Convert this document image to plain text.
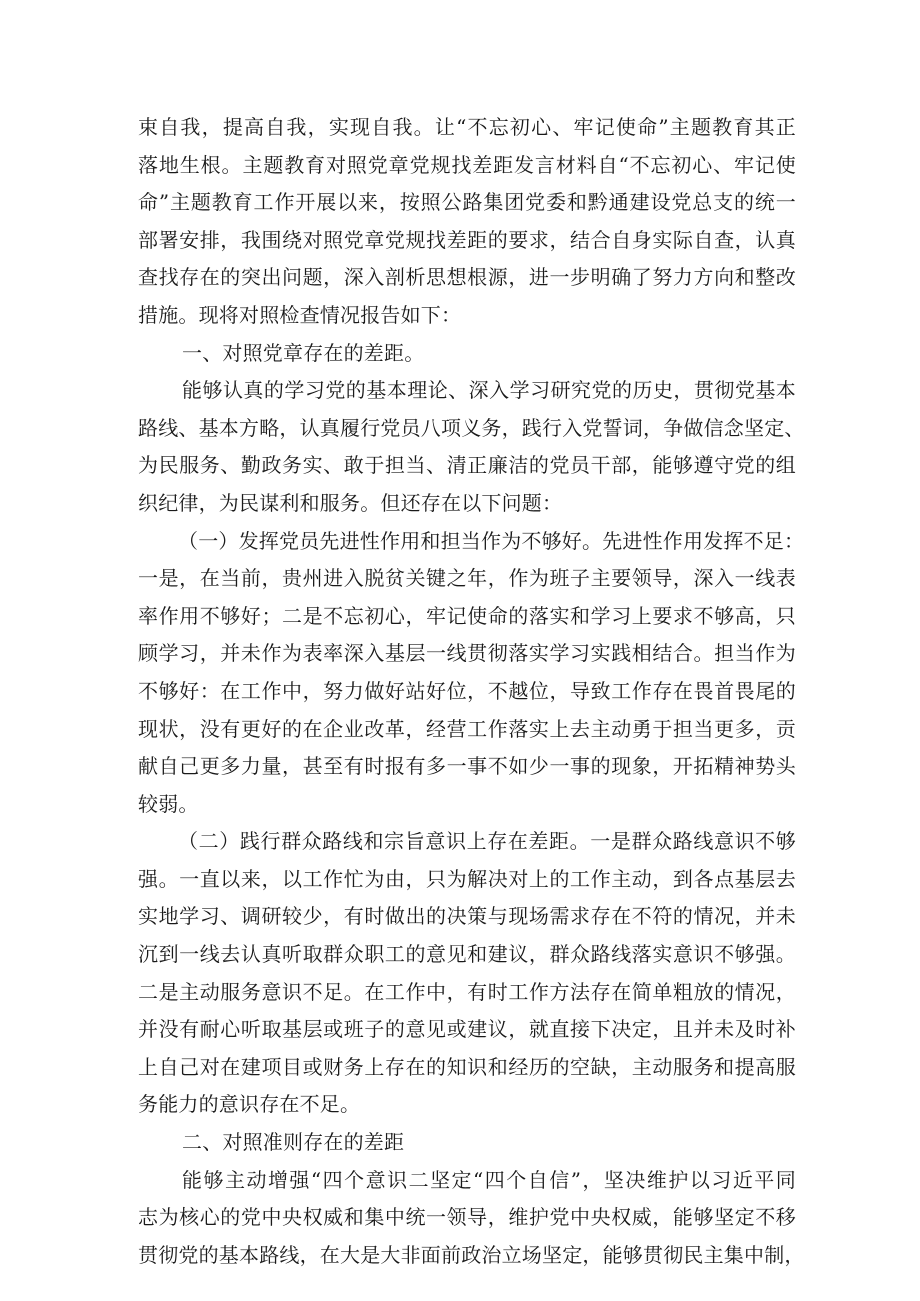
束自我，提高自我，实现自我。让“不忘初心、牢记使命”主题教育其正
落地生根。主题教育对照党章党规找差距发言材料自“不忘初心、牢记使
命”主题教育工作开展以来，按照公路集团党委和黔通建设党总支的统一
部署安排，我围绕对照党章党规找差距的要求，结合自身实际自查，认真
查找存在的突出问题，深入剖析思想根源，进一步明确了努力方向和整改
措施。现将对照检查情况报告如下：
一、对照党章存在的差距。
能够认真的学习党的基本理论、深入学习研究党的历史，贯彻党基本
路线、基本方略，认真履行党员八项义务，践行入党誓词，争做信念坚定、
为民服务、勤政务实、敢于担当、清正廉洁的党员干部，能够遵守党的组
织纪律，为民谋利和服务。但还存在以下问题：
（一）发挥党员先进性作用和担当作为不够好。先进性作用发挥不足：
一是，在当前，贵州进入脱贫关键之年，作为班子主要领导，深入一线表
率作用不够好；二是不忘初心，牢记使命的落实和学习上要求不够高，只
顾学习，并未作为表率深入基层一线贯彻落实学习实践相结合。担当作为
不够好：在工作中，努力做好站好位，不越位，导致工作存在畏首畏尾的
现状，没有更好的在企业改革，经营工作落实上去主动勇于担当更多，贡
献自己更多力量，甚至有时报有多一事不如少一事的现象，开拓精神势头
较弱。
（二）践行群众路线和宗旨意识上存在差距。一是群众路线意识不够
强。一直以来，以工作忙为由，只为解决对上的工作主动，到各点基层去
实地学习、调研较少，有时做出的决策与现场需求存在不符的情况，并未
沉到一线去认真听取群众职工的意见和建议，群众路线落实意识不够强。
二是主动服务意识不足。在工作中，有时工作方法存在简单粗放的情况，
并没有耐心听取基层或班子的意见或建议，就直接下决定，且并未及时补
上自己对在建项目或财务上存在的知识和经历的空缺，主动服务和提高服
务能力的意识存在不足。
二、对照准则存在的差距
能够主动增强“四个意识二坚定“四个自信”，坚决维护以习近平同
志为核心的党中央权威和集中统一领导，维护党中央权威，能够坚定不移
贯彻党的基本路线，在大是大非面前政治立场坚定，能够贯彻民主集中制，
